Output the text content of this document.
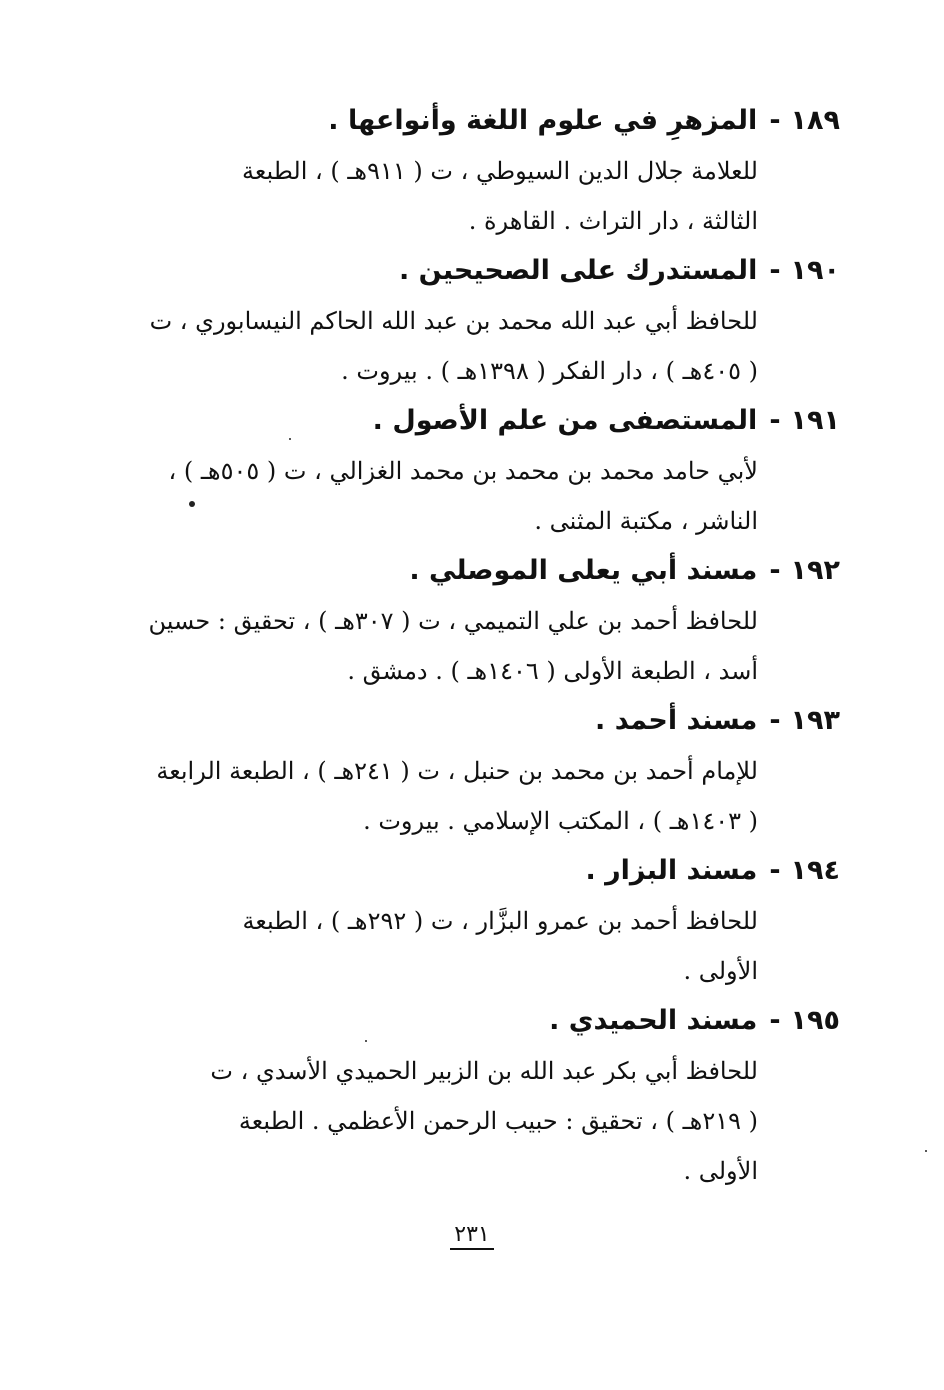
١٨٩-المزهرِ في علوم اللغة وأنواعها .
للعلامة جلال الدين السيوطي ، ت ( ٩١١هـ ) ، الطبعة
الثالثة ، دار التراث . القاهرة .
١٩٠-المستدرك على الصحيحين .
للحافظ أبي عبد الله محمد بن عبد الله الحاكم النيسابوري ، ت
( ٤٠٥هـ ) ، دار الفكر ( ١٣٩٨هـ ) . بيروت .
١٩١-المستصفى من علم الأصول .
لأبي حامد محمد بن محمد بن محمد الغزالي ، ت ( ٥٠٥هـ ) ،
الناشر ، مكتبة المثنى .
١٩٢-مسند أبي يعلى الموصلي .
للحافظ أحمد بن علي التميمي ، ت ( ٣٠٧هـ ) ، تحقيق : حسين
أسد ، الطبعة الأولى ( ١٤٠٦هـ ) . دمشق .
١٩٣-مسند أحمد .
للإمام أحمد بن محمد بن حنبل ، ت ( ٢٤١هـ ) ، الطبعة الرابعة
( ١٤٠٣هـ ) ، المكتب الإسلامي . بيروت .
١٩٤-مسند البزار .
للحافظ أحمد بن عمرو البزَّار ، ت ( ٢٩٢هـ ) ، الطبعة
الأولى .
١٩٥-مسند الحميدي .
للحافظ أبي بكر عبد الله بن الزبير الحميدي الأسدي ، ت
( ٢١٩هـ ) ، تحقيق : حبيب الرحمن الأعظمي . الطبعة
الأولى .
٢٣١
